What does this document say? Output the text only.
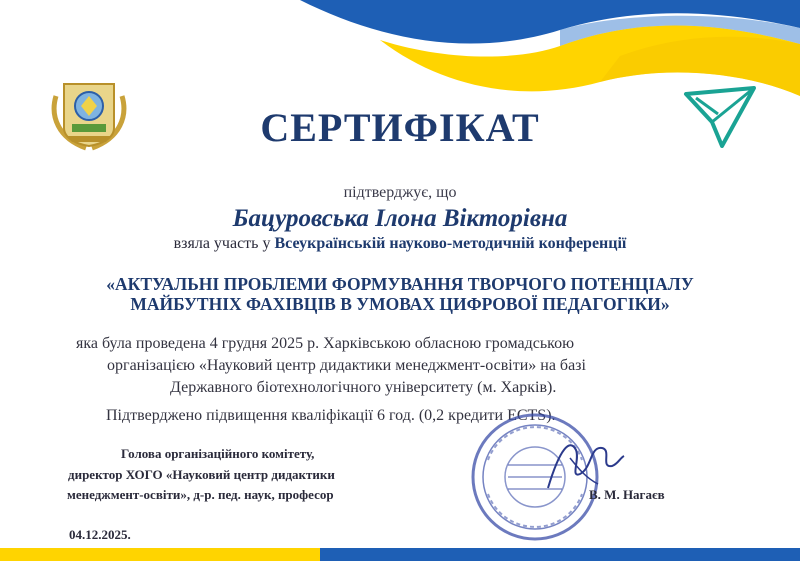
СЕРТИФІКАТ
підтверджує, що
Бацуровська Ілона Вікторівна
взяла участь у Всеукраїнській науково-методичній конференції
«АКТУАЛЬНІ ПРОБЛЕМИ ФОРМУВАННЯ ТВОРЧОГО ПОТЕНЦІАЛУ
МАЙБУТНІХ ФАХІВЦІВ В УМОВАХ ЦИФРОВОЇ ПЕДАГОГІКИ»
яка була проведена 4 грудня 2025 р. Харківською обласною громадською
організацією «Науковий центр дидактики менеджмент-освіти» на базі
Державного біотехнологічного університету (м. Харків).
Підтверджено підвищення кваліфікації 6 год. (0,2 кредити ECTS).
Голова організаційного комітету,
директор ХОГО «Науковий центр дидактики
менеджмент-освіти», д-р. пед. наук, професор	В. М. Нагаєв
04.12.2025.
